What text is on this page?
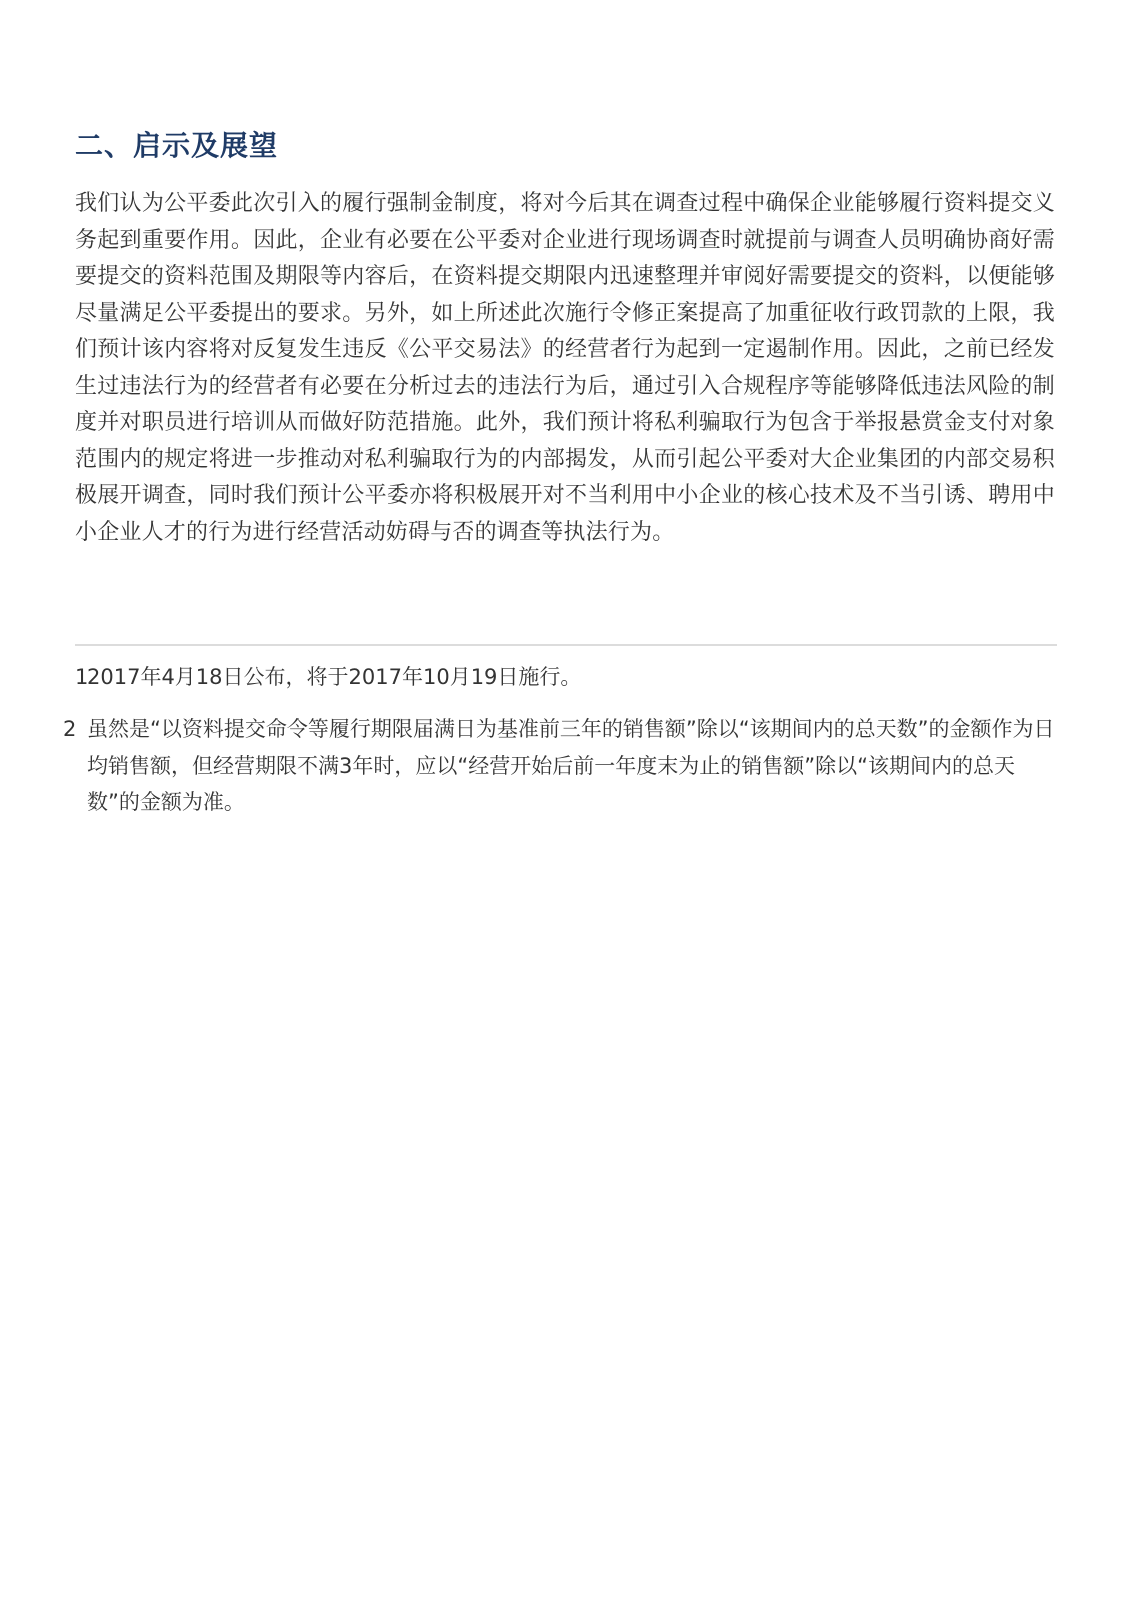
二、启示及展望

我们认为公平委此次引入的履行强制金制度，将对今后其在调查过程中确保企业能够履行资料提交义务起到重要作用。因此，企业有必要在公平委对企业进行现场调查时就提前与调查人员明确协商好需要提交的资料范围及期限等内容后，在资料提交期限内迅速整理并审阅好需要提交的资料，以便能够尽量满足公平委提出的要求。另外，如上所述此次施行令修正案提高了加重征收行政罚款的上限，我们预计该内容将对反复发生违反《公平交易法》的经营者行为起到一定遏制作用。因此，之前已经发生过违法行为的经营者有必要在分析过去的违法行为后，通过引入合规程序等能够降低违法风险的制度并对职员进行培训从而做好防范措施。此外，我们预计将私利骗取行为包含于举报悬赏金支付对象范围内的规定将进一步推动对私利骗取行为的内部揭发，从而引起公平委对大企业集团的内部交易积极展开调查，同时我们预计公平委亦将积极展开对不当利用中小企业的核心技术及不当引诱、聘用中小企业人才的行为进行经营活动妨碍与否的调查等执法行为。

12017年4月18日公布，将于2017年10月19日施行。

2 虽然是“以资料提交命令等履行期限届满日为基准前三年的销售额”除以“该期间内的总天数”的金额作为日均销售额，但经营期限不满3年时，应以“经营开始后前一年度末为止的销售额”除以“该期间内的总天数”的金额为准。
